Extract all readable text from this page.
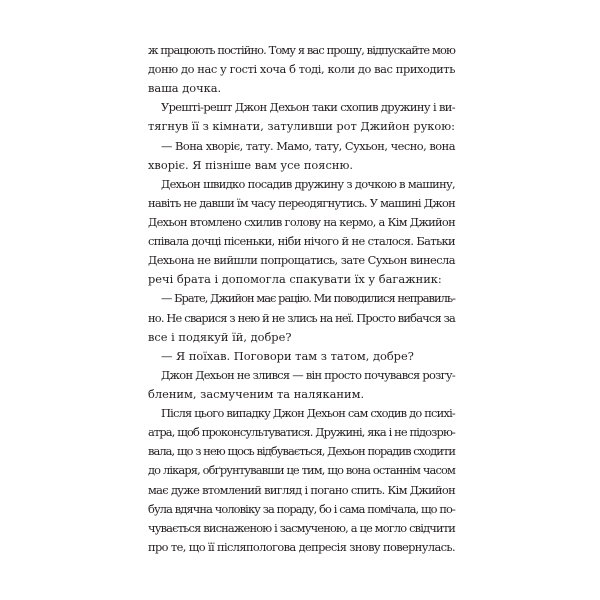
ж працюють постійно. Тому я вас прошу, відпускайте мою
доню до нас у гості хоча б тоді, коли до вас приходить
ваша дочка.
Урешті-решт Джон Дехьон таки схопив дружину і ви-
тягнув її з кімнати, затуливши рот Джийон рукою:
— Вона хворіє, тату. Мамо, тату, Сухьон, чесно, вона
хворіє. Я пізніше вам усе поясню.
Дехьон швидко посадив дружину з дочкою в машину,
навіть не давши їм часу переодягнутись. У машині Джон
Дехьон втомлено схилив голову на кермо, а Кім Джийон
співала дочці пісеньки, ніби нічого й не сталося. Батьки
Дехьона не вийшли попрощатись, зате Сухьон винесла
речі брата і допомогла спакувати їх у багажник:
— Брате, Джийон має рацію. Ми поводилися неправиль-
но. Не сварися з нею й не злись на неї. Просто вибачся за
все і подякуй їй, добре?
— Я поїхав. Поговори там з татом, добре?
Джон Дехьон не злився — він просто почувався розгу-
бленим, засмученим та наляканим.
Після цього випадку Джон Дехьон сам сходив до психі-
атра, щоб проконсультуватися. Дружині, яка і не підозрю-
вала, що з нею щось відбувається, Дехьон порадив сходити
до лікаря, обґрунтувавши це тим, що вона останнім часом
має дуже втомлений вигляд і погано спить. Кім Джийон
була вдячна чоловіку за пораду, бо і сама помічала, що по-
чувається виснаженою і засмученою, а це могло свідчити
про те, що її післяпологова депресія знову повернулась.
